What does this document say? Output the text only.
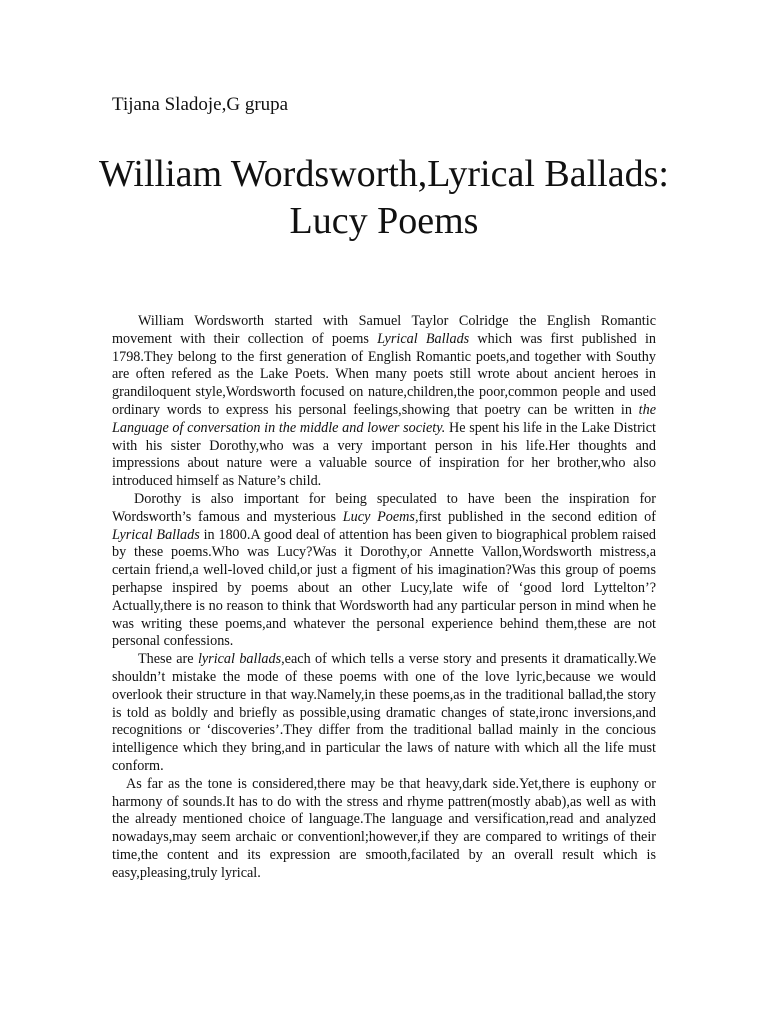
Tijana Sladoje,G grupa
William Wordsworth,Lyrical Ballads: Lucy Poems

William Wordsworth started with Samuel Taylor Colridge the English Romantic movement with their collection of poems Lyrical Ballads which was first published in 1798.They belong to the first generation of English Romantic poets,and together with Southy are often refered as the Lake Poets. When many poets still wrote about ancient heroes in grandiloquent style,Wordsworth focused on nature,children,the poor,common people and used ordinary words to express his personal feelings,showing that poetry can be written in the Language of conversation in the middle and lower society. He spent his life in the Lake District with his sister Dorothy,who was a very important person in his life.Her thoughts and impressions about nature were a valuable source of inspiration for her brother,who also introduced himself as Nature’s child.

Dorothy is also important for being speculated to have been the inspiration for Wordsworth’s famous and mysterious Lucy Poems,first published in the second edition of Lyrical Ballads in 1800.A good deal of attention has been given to biographical problem raised by these poems.Who was Lucy?Was it Dorothy,or Annette Vallon,Wordsworth mistress,a certain friend,a well-loved child,or just a figment of his imagination?Was this group of poems perhapse inspired by poems about an other Lucy,late wife of ‘good lord Lyttelton’?Actually,there is no reason to think that Wordsworth had any particular person in mind when he was writing these poems,and whatever the personal experience behind them,these are not personal confessions.

These are lyrical ballads,each of which tells a verse story and presents it dramatically.We shouldn’t mistake the mode of these poems with one of the love lyric,because we would overlook their structure in that way.Namely,in these poems,as in the traditional ballad,the story is told as boldly and briefly as possible,using dramatic changes of state,ironc inversions,and recognitions or ‘discoveries’.They differ from the traditional ballad mainly in the concious intelligence which they bring,and in particular the laws of nature with which all the life must conform.

As far as the tone is considered,there may be that heavy,dark side.Yet,there is euphony or harmony of sounds.It has to do with the stress and rhyme pattren(mostly abab),as well as with the already mentioned choice of language.The language and versification,read and analyzed nowadays,may seem archaic or conventionl;however,if they are compared to writings of their time,the content and its expression are smooth,facilated by an overall result which is easy,pleasing,truly lyrical.
